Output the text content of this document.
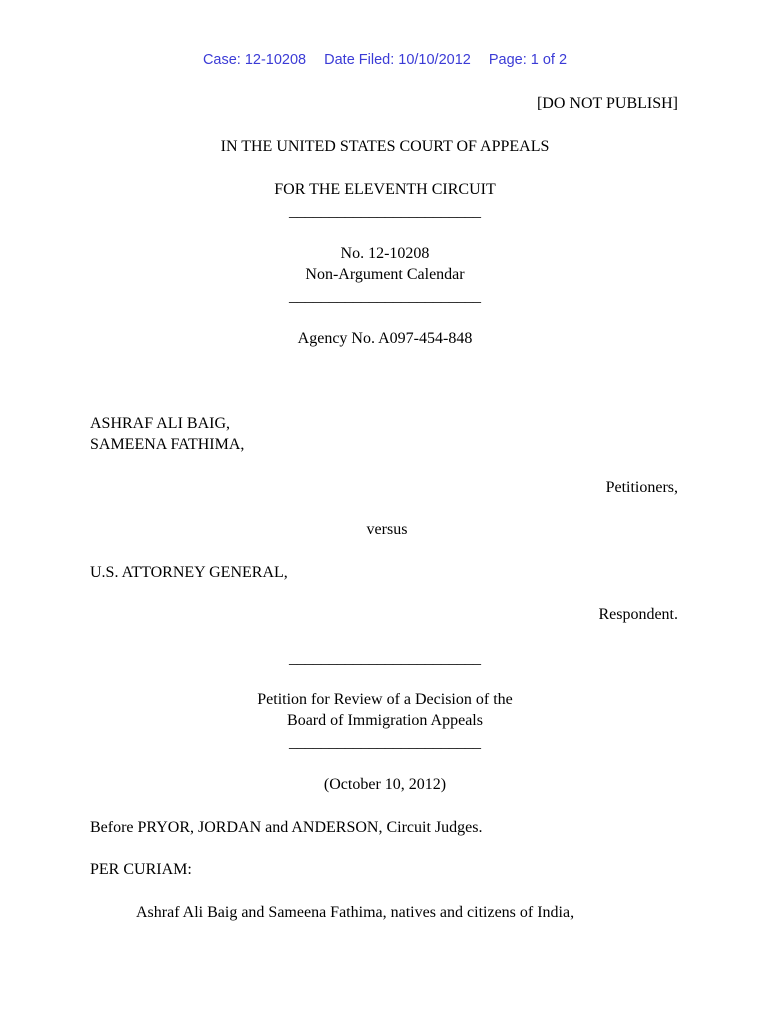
Case: 12-10208 Date Filed: 10/10/2012 Page: 1 of 2
[DO NOT PUBLISH]
IN THE UNITED STATES COURT OF APPEALS
FOR THE ELEVENTH CIRCUIT
________________________
No. 12-10208
Non-Argument Calendar
________________________
Agency No. A097-454-848
ASHRAF ALI BAIG,
SAMEENA FATHIMA,
Petitioners,
versus
U.S. ATTORNEY GENERAL,
Respondent.
________________________
Petition for Review of a Decision of the
Board of Immigration Appeals
________________________
(October 10, 2012)
Before PRYOR, JORDAN and ANDERSON, Circuit Judges.
PER CURIAM:
Ashraf Ali Baig and Sameena Fathima, natives and citizens of India,
